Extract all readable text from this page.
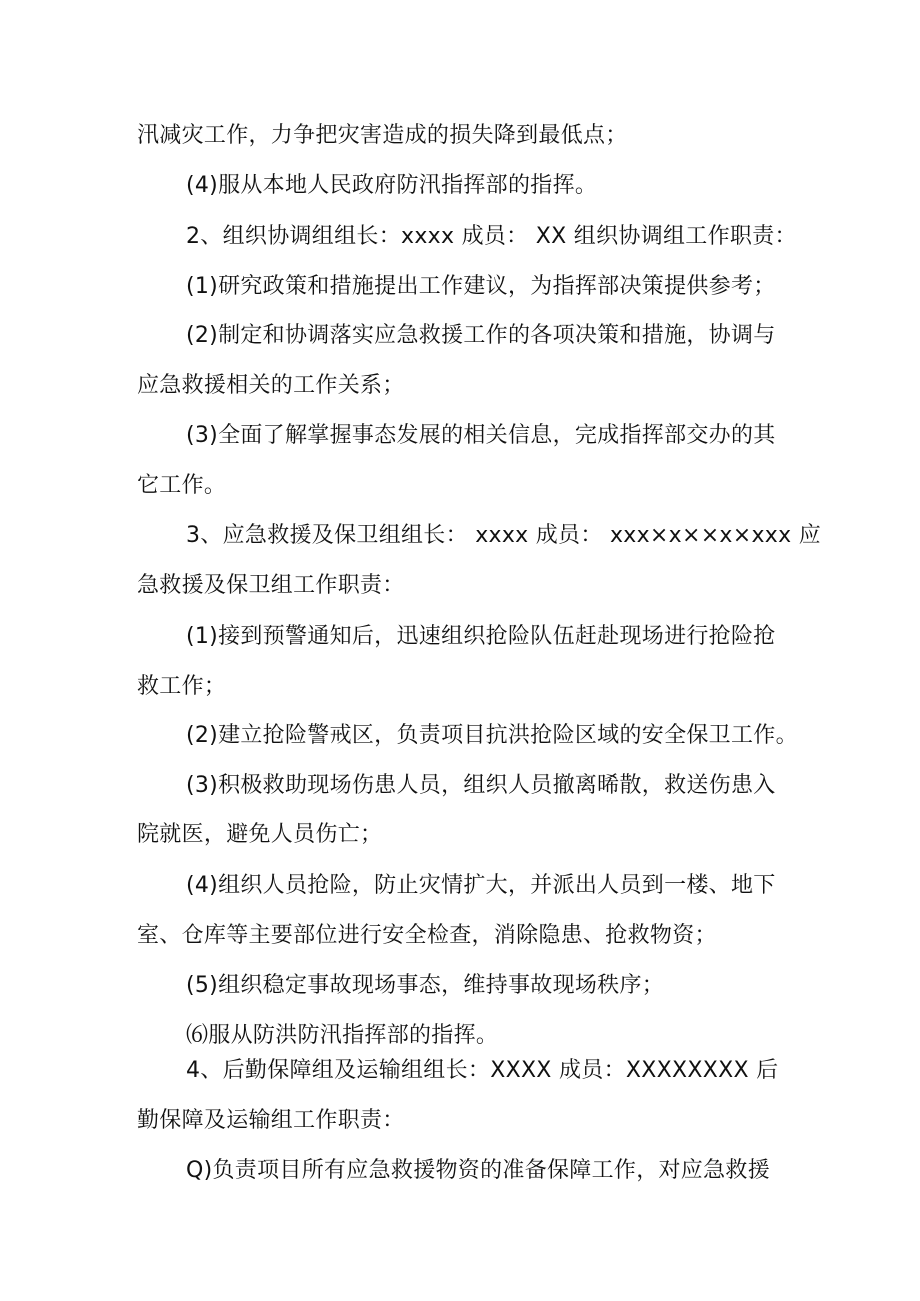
汛减灾工作，力争把灾害造成的损失降到最低点；
(4)服从本地人民政府防汛指挥部的指挥。
2、组织协调组组长：xxxx 成员： XX 组织协调组工作职责：
(1)研究政策和措施提出工作建议，为指挥部决策提供参考；
(2)制定和协调落实应急救援工作的各项决策和措施，协调与
应急救援相关的工作关系；
(3)全面了解掌握事态发展的相关信息，完成指挥部交办的其
它工作。
3、应急救援及保卫组组长： xxxx 成员： xxx×x××x×xxx 应
急救援及保卫组工作职责：
(1)接到预警通知后，迅速组织抢险队伍赶赴现场进行抢险抢
救工作；
(2)建立抢险警戒区，负责项目抗洪抢险区域的安全保卫工作。
(3)积极救助现场伤患人员，组织人员撤离晞散，救送伤患入
院就医，避免人员伤亡；
(4)组织人员抢险，防止灾情扩大，并派出人员到一楼、地下
室、仓库等主要部位进行安全检查，消除隐患、抢救物资；
(5)组织稳定事故现场事态，维持事故现场秩序；
⑹服从防洪防汛指挥部的指挥。
4、后勤保障组及运输组组长：XXXX 成员：XXXXXXXX 后
勤保障及运输组工作职责：
Q)负责项目所有应急救援物资的准备保障工作，对应急救援
